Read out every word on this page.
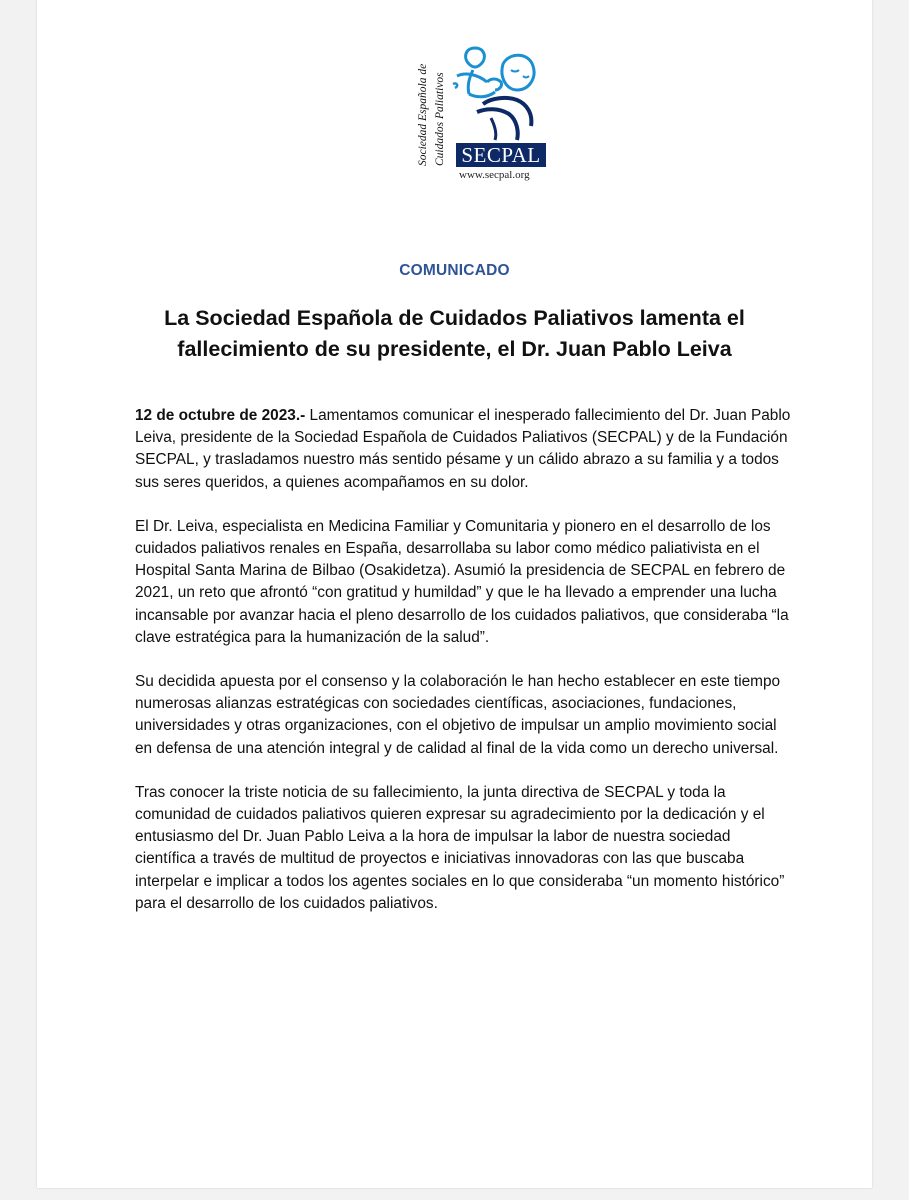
Sociedad Española de Cuidados Paliativos SECPAL
www.secpal.org
COMUNICADO
La Sociedad Española de Cuidados Paliativos lamenta el
fallecimiento de su presidente, el Dr. Juan Pablo Leiva

12 de octubre de 2023.- Lamentamos comunicar el inesperado fallecimiento del Dr. Juan Pablo Leiva, presidente de la Sociedad Española de Cuidados Paliativos (SECPAL) y de la Fundación SECPAL, y trasladamos nuestro más sentido pésame y un cálido abrazo a su familia y a todos sus seres queridos, a quienes acompañamos en su dolor.

El Dr. Leiva, especialista en Medicina Familiar y Comunitaria y pionero en el desarrollo de los cuidados paliativos renales en España, desarrollaba su labor como médico paliativista en el Hospital Santa Marina de Bilbao (Osakidetza). Asumió la presidencia de SECPAL en febrero de 2021, un reto que afrontó “con gratitud y humildad” y que le ha llevado a emprender una lucha incansable por avanzar hacia el pleno desarrollo de los cuidados paliativos, que consideraba “la clave estratégica para la humanización de la salud”.

Su decidida apuesta por el consenso y la colaboración le han hecho establecer en este tiempo numerosas alianzas estratégicas con sociedades científicas, asociaciones, fundaciones, universidades y otras organizaciones, con el objetivo de impulsar un amplio movimiento social en defensa de una atención integral y de calidad al final de la vida como un derecho universal.

Tras conocer la triste noticia de su fallecimiento, la junta directiva de SECPAL y toda la comunidad de cuidados paliativos quieren expresar su agradecimiento por la dedicación y el entusiasmo del Dr. Juan Pablo Leiva a la hora de impulsar la labor de nuestra sociedad científica a través de multitud de proyectos e iniciativas innovadoras con las que buscaba interpelar e implicar a todos los agentes sociales en lo que consideraba “un momento histórico” para el desarrollo de los cuidados paliativos.
